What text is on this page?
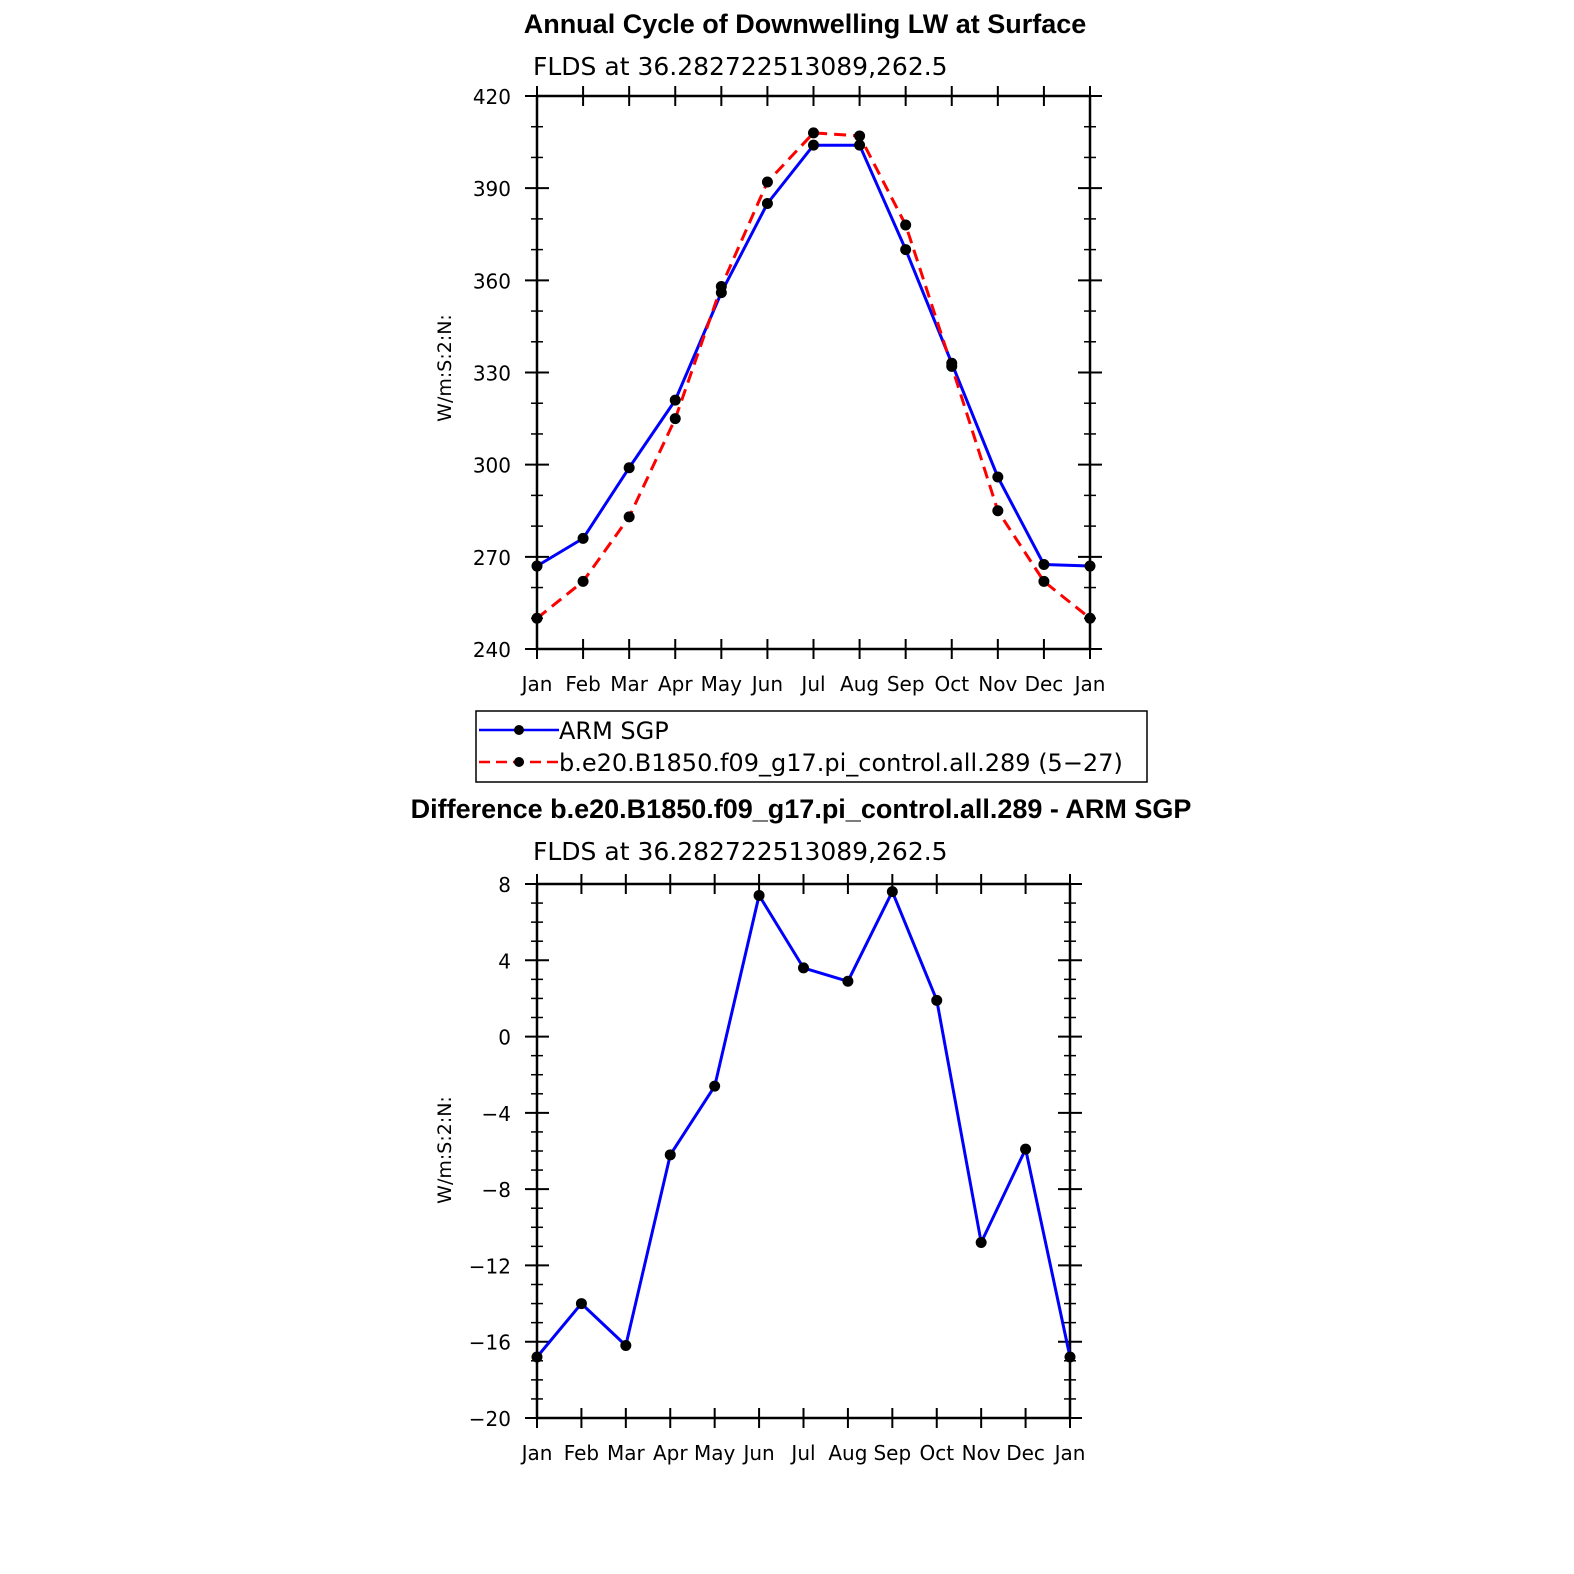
Annual Cycle of Downwelling LW at Surface
FLDS at 36.282722513089,262.5
W/m:S:2:N:
Jan Feb Mar Apr May Jun Jul Aug Sep Oct Nov Dec Jan
240
270
300
330
360
390
420
ARM SGP
b.e20.B1850.f09_g17.pi_control.all.289 (5−27)
Difference b.e20.B1850.f09_g17.pi_control.all.289 - ARM SGP
FLDS at 36.282722513089,262.5
W/m:S:2:N:
Jan Feb Mar Apr May Jun Jul Aug Sep Oct Nov Dec Jan
−20
−16
−12
−8
−4
0
4
8
